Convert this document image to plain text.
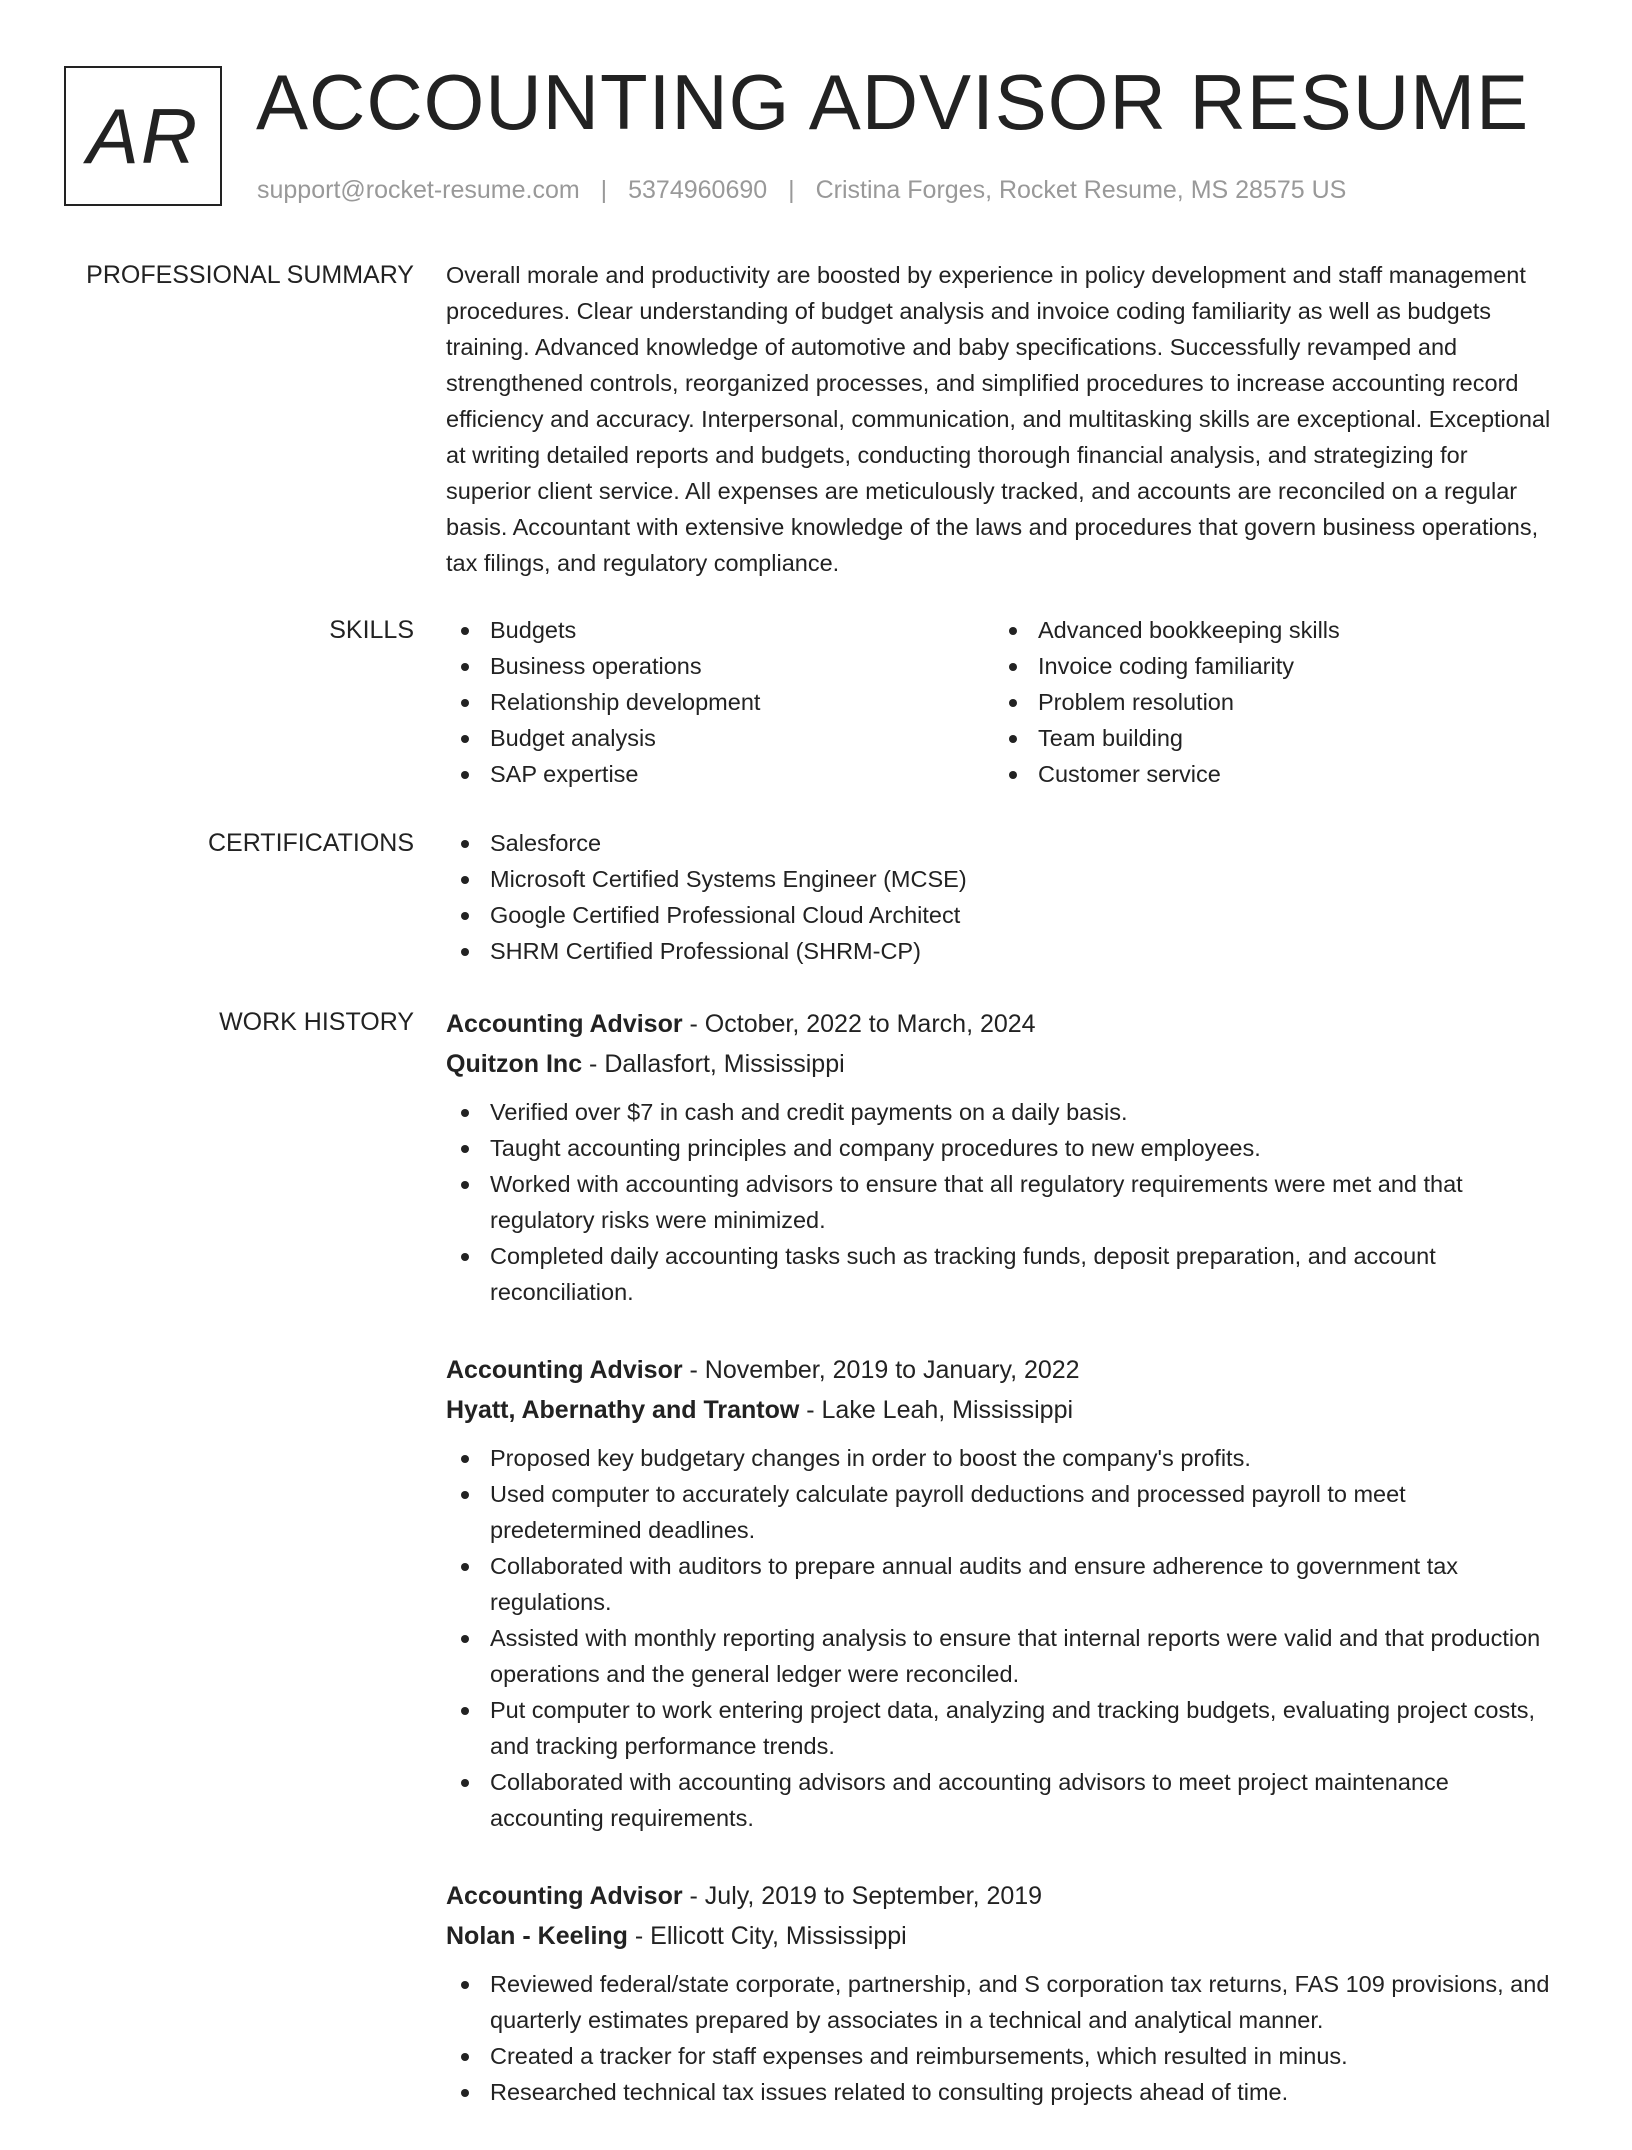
AR ACCOUNTING ADVISOR RESUME
support@rocket-resume.com | 5374960690 | Cristina Forges, Rocket Resume, MS 28575 US
PROFESSIONAL SUMMARY Overall morale and productivity are boosted by experience in policy development and staff management procedures. Clear understanding of budget analysis and invoice coding familiarity as well as budgets training. Advanced knowledge of automotive and baby specifications. Successfully revamped and strengthened controls, reorganized processes, and simplified procedures to increase accounting record efficiency and accuracy. Interpersonal, communication, and multitasking skills are exceptional. Exceptional at writing detailed reports and budgets, conducting thorough financial analysis, and strategizing for superior client service. All expenses are meticulously tracked, and accounts are reconciled on a regular basis. Accountant with extensive knowledge of the laws and procedures that govern business operations, tax filings, and regulatory compliance.

SKILLS	Budgets
Business operations
Relationship development
Budget analysis
SAP expertise
Advanced bookkeeping skills
Invoice coding familiarity
Problem resolution
Team building
Customer service
CERTIFICATIONS	Salesforce
Microsoft Certified Systems Engineer (MCSE)
Google Certified Professional Cloud Architect
SHRM Certified Professional (SHRM-CP)
WORK HISTORY Accounting Advisor - October, 2022 to March, 2024
Quitzon Inc - Dallasfort, Mississippi
Verified over $7 in cash and credit payments on a daily basis.
Taught accounting principles and company procedures to new employees.
Worked with accounting advisors to ensure that all regulatory requirements were met and that regulatory risks were minimized.
Completed daily accounting tasks such as tracking funds, deposit preparation, and account reconciliation.
Accounting Advisor - November, 2019 to January, 2022
Hyatt, Abernathy and Trantow - Lake Leah, Mississippi
Proposed key budgetary changes in order to boost the company's profits.
Used computer to accurately calculate payroll deductions and processed payroll to meet predetermined deadlines.
Collaborated with auditors to prepare annual audits and ensure adherence to government tax regulations.
Assisted with monthly reporting analysis to ensure that internal reports were valid and that production operations and the general ledger were reconciled.
Put computer to work entering project data, analyzing and tracking budgets, evaluating project costs, and tracking performance trends.
Collaborated with accounting advisors and accounting advisors to meet project maintenance accounting requirements.
Accounting Advisor - July, 2019 to September, 2019
Nolan - Keeling - Ellicott City, Mississippi
Reviewed federal/state corporate, partnership, and S corporation tax returns, FAS 109 provisions, and quarterly estimates prepared by associates in a technical and analytical manner.
Created a tracker for staff expenses and reimbursements, which resulted in minus.
Researched technical tax issues related to consulting projects ahead of time.
